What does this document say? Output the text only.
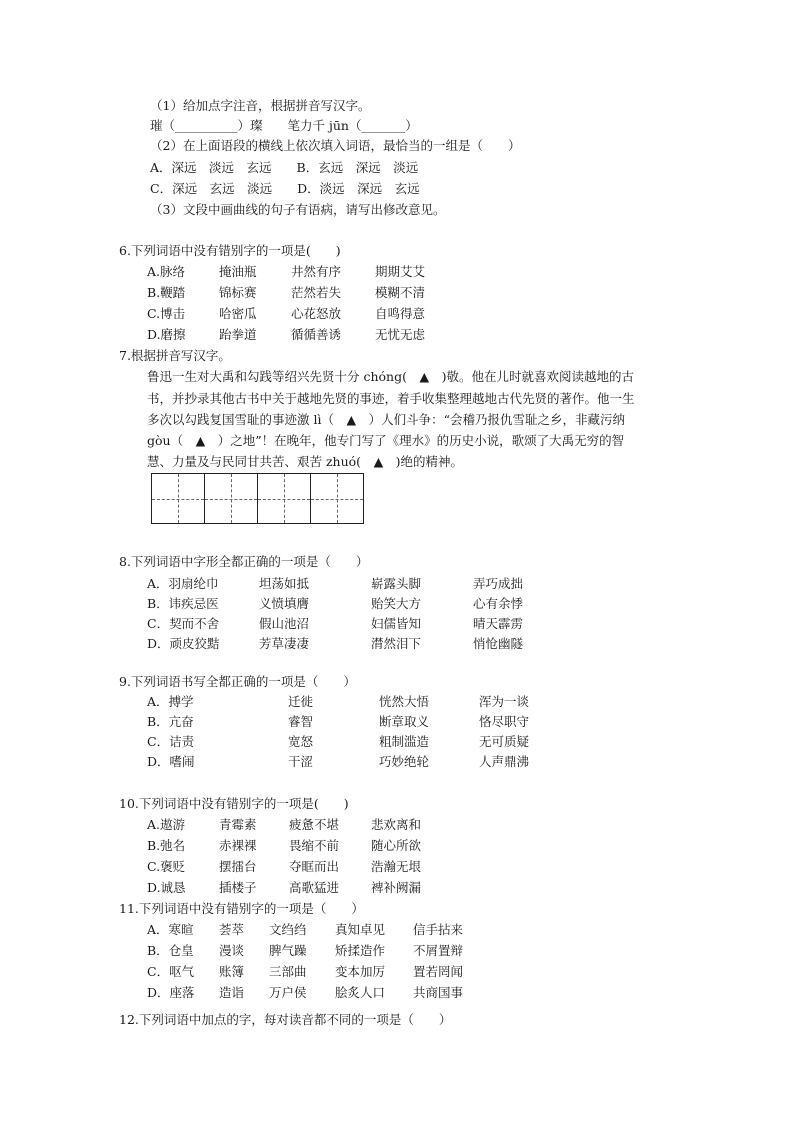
（1）给加点字注音，根据拼音写汉字。
璀（__________）璨　　笔力千 jūn（_______）
（2）在上面语段的横线上依次填入词语，最恰当的一组是（　　）
A．深远　淡远　玄远　　B．玄远　深远　淡远
C．深远　玄远　淡远　　D．淡远　深远　玄远
（3）文段中画曲线的句子有语病，请写出修改意见。
6.下列词语中没有错别字的一项是(　　)
A.脉络	掩油瓶	井然有序	期期艾艾
B.鞭踏	锦标赛	茫然若失	模糊不清
C.博击	哈密瓜	心花怒放	自鸣得意
D.磨擦	跆拳道	循循善诱	无忧无虑
7.根据拼音写汉字。
鲁迅一生对大禹和勾践等绍兴先贤十分 chóng(　▲　)敬。他在儿时就喜欢阅读越地的古
书，并抄录其他古书中关于越地先贤的事迹，着手收集整理越地古代先贤的著作。他一生
多次以勾践复国雪耻的事迹激 lì（　▲　）人们斗争：“会稽乃报仇雪耻之乡，非藏污纳
gòu（　▲　）之地”！在晚年，他专门写了《理水》的历史小说，歌颂了大禹无穷的智
慧、力量及与民同甘共苦、艰苦 zhuó(　▲　)绝的精神。
8.下列词语中字形全都正确的一项是（　　）
A．羽扇纶巾	坦荡如抵	崭露头脚	弄巧成拙
B．讳疾忌医	义愤填膺	贻笑大方	心有余悸
C．契而不舍	假山池沼	妇儒皆知	晴天霹雳
D．顽皮狡黠	芳草凄凄	潸然泪下	悄怆幽隧
9.下列词语书写全都正确的一项是（　　）
A．搏学	迁徙	恍然大悟	浑为一谈
B．亢奋	睿智	断章取义	恪尽职守
C．诘责	宽怒	粗制滥造	无可质疑
D．嗜闹	干涩	巧妙绝轮	人声鼎沸
10.下列词语中没有错别字的一项是(　　)
A.遨游	青霉素	疲惫不堪	悲欢离和
B.弛名	赤裸裸	畏缩不前	随心所欲
C.褒贬	摆擂台	夺眶而出	浩瀚无垠
D.诚恳	插楼子	高歌猛进	裨补阙漏
11.下列词语中没有错别字的一项是（　　）
A．寒暄	荟萃	文绉绉	真知卓见	信手拈来
B．仓皇	漫谈	脾气躁	矫揉造作	不屑置辩
C．呕气	账簿	三部曲	变本加厉	置若罔闻
D．座落	造诣	万户侯	脍炙人口	共商国事
12.下列词语中加点的字，每对读音都不同的一项是（　　）
